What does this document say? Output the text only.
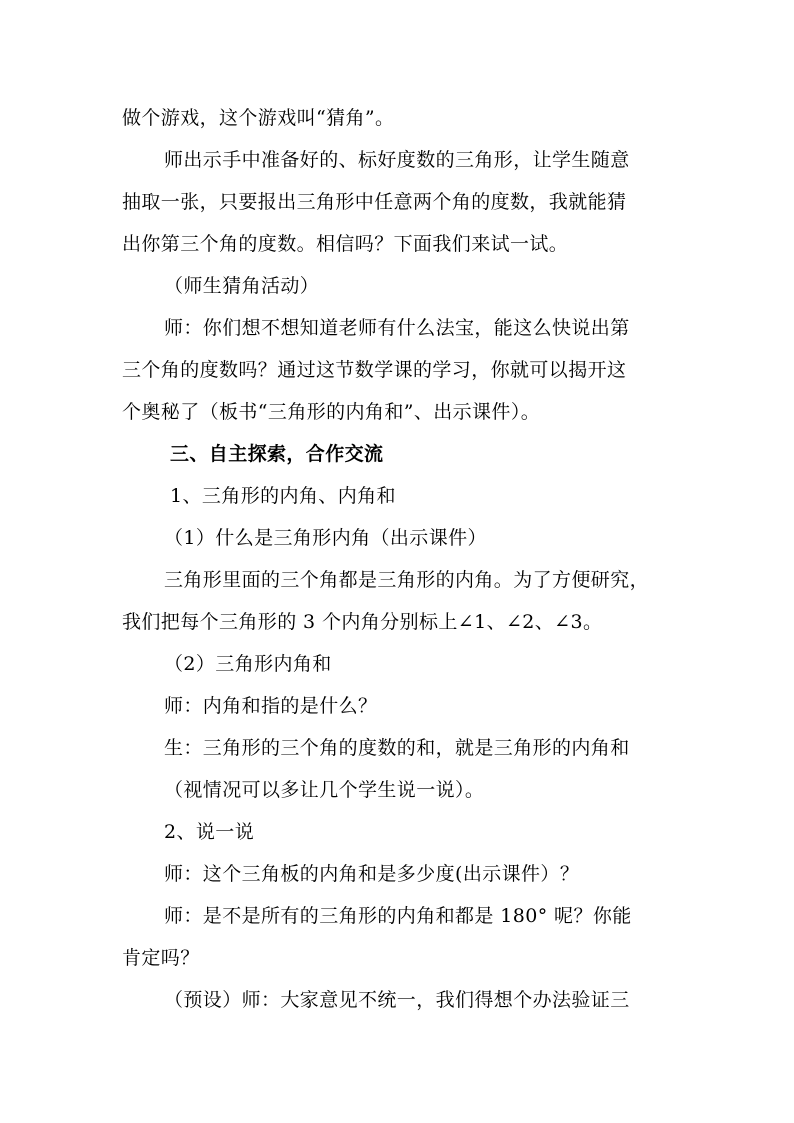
做个游戏，这个游戏叫“猜角”。
师出示手中准备好的、标好度数的三角形，让学生随意
抽取一张，只要报出三角形中任意两个角的度数，我就能猜
出你第三个角的度数。相信吗？下面我们来试一试。
（师生猜角活动）
师：你们想不想知道老师有什么法宝，能这么快说出第
三个角的度数吗？通过这节数学课的学习，你就可以揭开这
个奥秘了（板书“三角形的内角和”、出示课件）。
三、自主探索，合作交流
1、三角形的内角、内角和
（1）什么是三角形内角（出示课件）
三角形里面的三个角都是三角形的内角。为了方便研究，
我们把每个三角形的 3 个内角分别标上∠1、∠2、∠3。
（2）三角形内角和
师：内角和指的是什么？
生：三角形的三个角的度数的和，就是三角形的内角和
（视情况可以多让几个学生说一说）。
2、说一说
师：这个三角板的内角和是多少度(出示课件）？
师：是不是所有的三角形的内角和都是 180° 呢？你能
肯定吗？
（预设）师：大家意见不统一，我们得想个办法验证三
